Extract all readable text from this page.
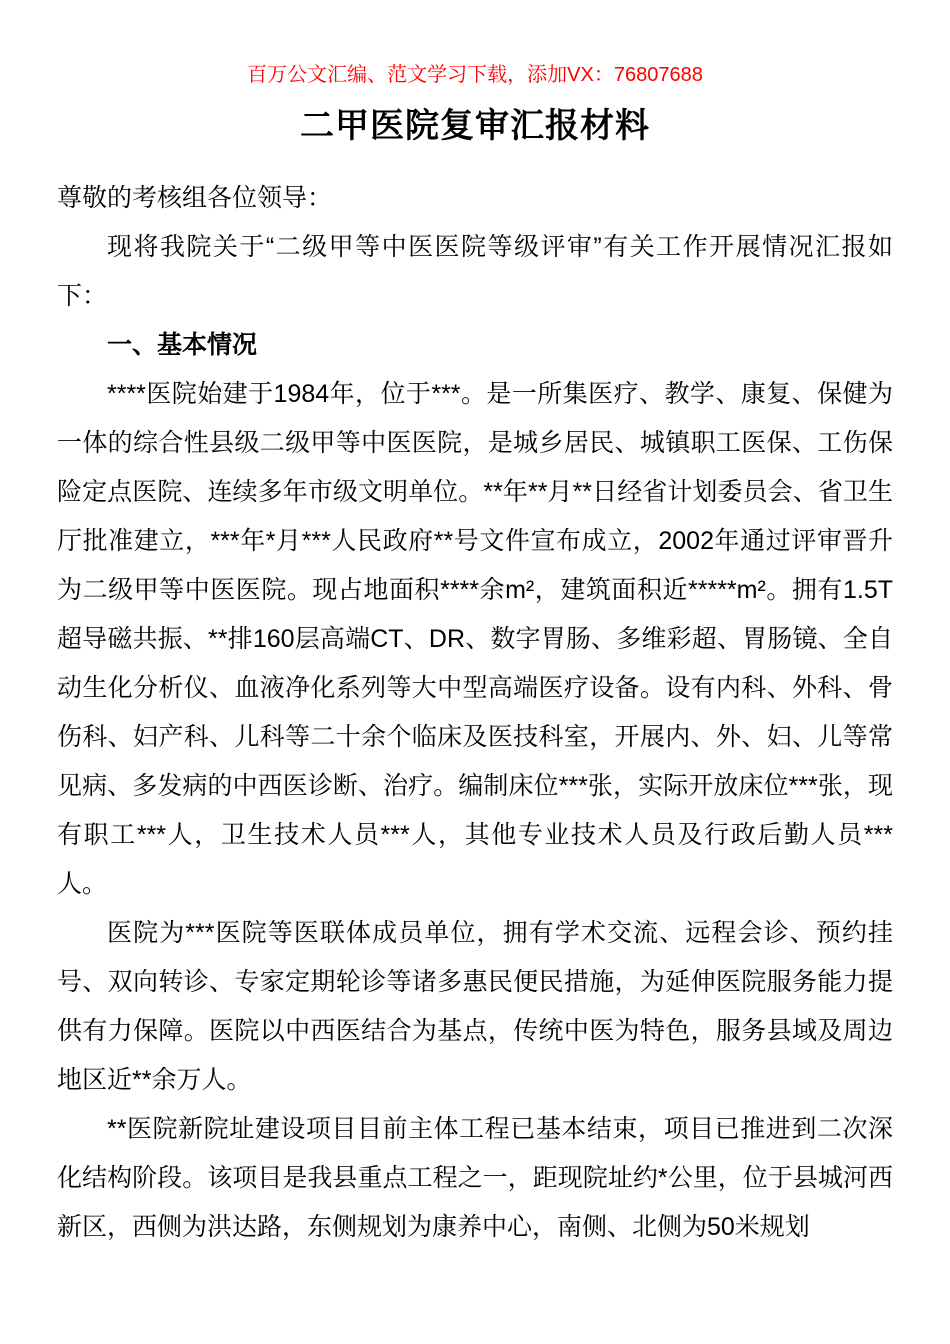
百万公文汇编、范文学习下载，添加VX：76807688
二甲医院复审汇报材料

尊敬的考核组各位领导：

现将我院关于“二级甲等中医医院等级评审”有关工作开展情况汇报如下：

一、基本情况

****医院始建于1984年，位于***。是一所集医疗、教学、康复、保健为一体的综合性县级二级甲等中医医院，是城乡居民、城镇职工医保、工伤保险定点医院、连续多年市级文明单位。**年**月**日经省计划委员会、省卫生厅批准建立，***年*月***人民政府**号文件宣布成立，2002年通过评审晋升为二级甲等中医医院。现占地面积****余m²，建筑面积近*****m²。拥有1.5T超导磁共振、**排160层高端CT、DR、数字胃肠、多维彩超、胃肠镜、全自动生化分析仪、血液净化系列等大中型高端医疗设备。设有内科、外科、骨伤科、妇产科、儿科等二十余个临床及医技科室，开展内、外、妇、儿等常见病、多发病的中西医诊断、治疗。编制床位***张，实际开放床位***张，现有职工***人，卫生技术人员***人，其他专业技术人员及行政后勤人员***人。

医院为***医院等医联体成员单位，拥有学术交流、远程会诊、预约挂号、双向转诊、专家定期轮诊等诸多惠民便民措施，为延伸医院服务能力提供有力保障。医院以中西医结合为基点，传统中医为特色，服务县域及周边地区近**余万人。

**医院新院址建设项目目前主体工程已基本结束，项目已推进到二次深化结构阶段。该项目是我县重点工程之一，距现院址约*公里，位于县城河西新区，西侧为洪达路，东侧规划为康养中心，南侧、北侧为50米规划
